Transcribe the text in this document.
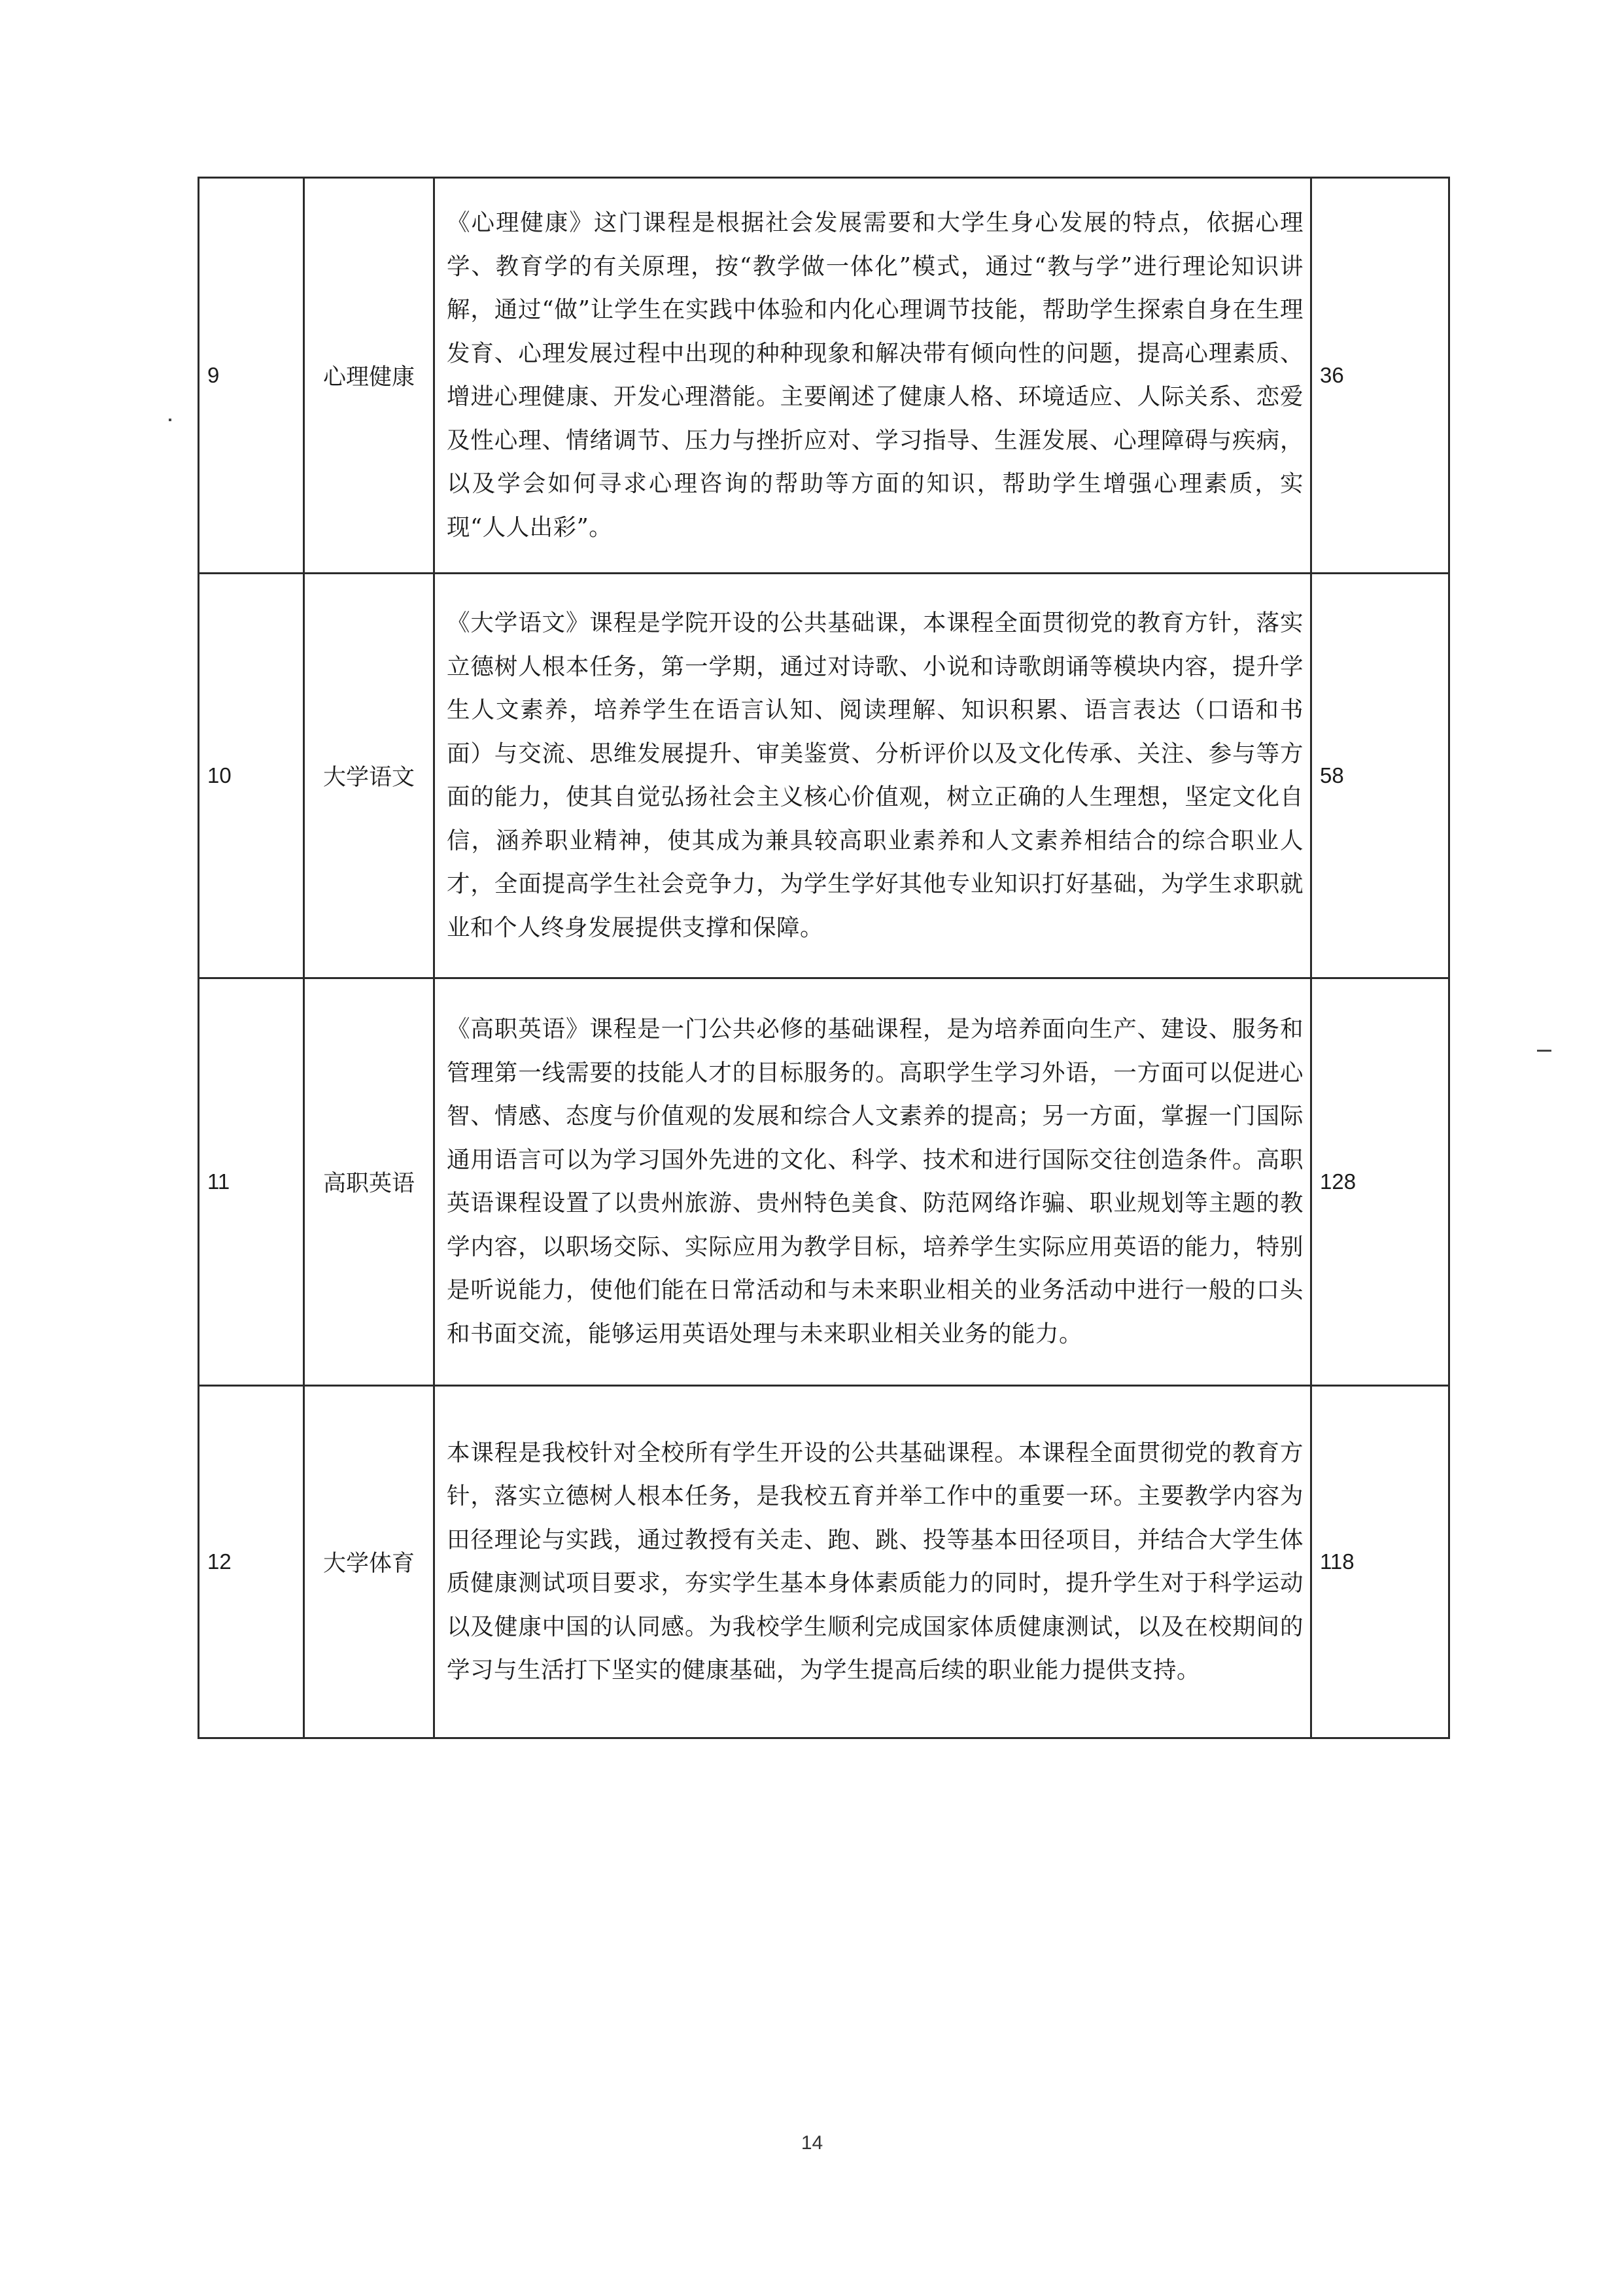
9	心理健康	《心理健康》这门课程是根据社会发展需要和大学生身心发展的特点，依据心理学、教育学的有关原理，按“教学做一体化”模式，通过“教与学”进行理论知识讲解，通过“做”让学生在实践中体验和内化心理调节技能，帮助学生探索自身在生理发育、心理发展过程中出现的种种现象和解决带有倾向性的问题，提高心理素质、增进心理健康、开发心理潜能。主要阐述了健康人格、环境适应、人际关系、恋爱及性心理、情绪调节、压力与挫折应对、学习指导、生涯发展、心理障碍与疾病，以及学会如何寻求心理咨询的帮助等方面的知识，帮助学生增强心理素质，实现“人人出彩”。	36
10	大学语文	《大学语文》课程是学院开设的公共基础课，本课程全面贯彻党的教育方针，落实立德树人根本任务，第一学期，通过对诗歌、小说和诗歌朗诵等模块内容，提升学生人文素养，培养学生在语言认知、阅读理解、知识积累、语言表达（口语和书面）与交流、思维发展提升、审美鉴赏、分析评价以及文化传承、关注、参与等方面的能力，使其自觉弘扬社会主义核心价值观，树立正确的人生理想，坚定文化自信，涵养职业精神，使其成为兼具较高职业素养和人文素养相结合的综合职业人才，全面提高学生社会竞争力，为学生学好其他专业知识打好基础，为学生求职就业和个人终身发展提供支撑和保障。	58
11	高职英语	《高职英语》课程是一门公共必修的基础课程，是为培养面向生产、建设、服务和管理第一线需要的技能人才的目标服务的。高职学生学习外语，一方面可以促进心智、情感、态度与价值观的发展和综合人文素养的提高；另一方面，掌握一门国际通用语言可以为学习国外先进的文化、科学、技术和进行国际交往创造条件。高职英语课程设置了以贵州旅游、贵州特色美食、防范网络诈骗、职业规划等主题的教学内容，以职场交际、实际应用为教学目标，培养学生实际应用英语的能力，特别是听说能力，使他们能在日常活动和与未来职业相关的业务活动中进行一般的口头和书面交流，能够运用英语处理与未来职业相关业务的能力。	128
12	大学体育	本课程是我校针对全校所有学生开设的公共基础课程。本课程全面贯彻党的教育方针，落实立德树人根本任务，是我校五育并举工作中的重要一环。主要教学内容为田径理论与实践，通过教授有关走、跑、跳、投等基本田径项目，并结合大学生体质健康测试项目要求，夯实学生基本身体素质能力的同时，提升学生对于科学运动以及健康中国的认同感。为我校学生顺利完成国家体质健康测试，以及在校期间的学习与生活打下坚实的健康基础，为学生提高后续的职业能力提供支持。	118
14
